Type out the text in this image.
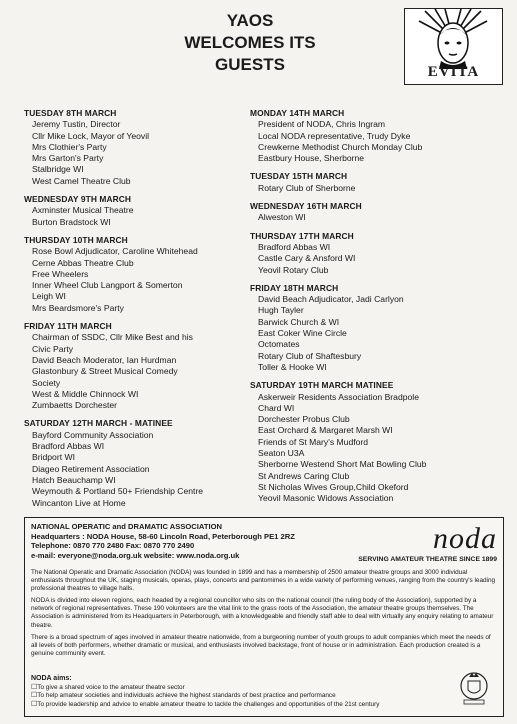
YAOS
WELCOMES ITS
GUESTS	EVITA
TUESDAY 8TH MARCH
Jeremy Tustin, Director
Cllr Mike Lock, Mayor of Yeovil
Mrs Clothier's Party
Mrs Garton's Party
Stalbridge WI
West Camel Theatre Club
WEDNESDAY 9TH MARCH
Axminster Musical Theatre
Burton Bradstock WI
THURSDAY 10TH MARCH
Rose Bowl Adjudicator, Caroline Whitehead
Cerne Abbas Theatre Club
Free Wheelers
Inner Wheel Club Langport & Somerton
Leigh WI
Mrs Beardsmore's Party
FRIDAY 11TH MARCH
Chairman of SSDC, Cllr Mike Best and his
Civic Party
David Beach Moderator, Ian Hurdman
Glastonbury & Street Musical Comedy
Society
West & Middle Chinnock WI
Zumbaetts Dorchester
SATURDAY 12TH MARCH - MATINEE
Bayford Community Association
Bradford Abbas WI
Bridport WI
Diageo Retirement Association
Hatch Beauchamp WI
Weymouth & Portland 50+ Friendship Centre
Wincanton Live at Home
MONDAY 14TH MARCH
President of NODA, Chris Ingram
Local NODA representative, Trudy Dyke
Crewkerne Methodist Church Monday Club
Eastbury House, Sherborne
TUESDAY 15TH MARCH
Rotary Club of Sherborne
WEDNESDAY 16TH MARCH
Alweston WI
THURSDAY 17TH MARCH
Bradford Abbas WI
Castle Cary & Ansford WI
Yeovil Rotary Club
FRIDAY 18TH MARCH
David Beach Adjudicator, Jadi Carlyon
Hugh Tayler
Barwick Church & WI
East Coker Wine Circle
Octomates
Rotary Club of Shaftesbury
Toller & Hooke WI
SATURDAY 19TH MARCH MATINEE
Askerweir Residents Association Bradpole
Chard WI
Dorchester Probus Club
East Orchard & Margaret Marsh WI
Friends of St Mary's Mudford
Seaton U3A
Sherborne Westend Short Mat Bowling Club
St Andrews Caring Club
St Nicholas Wives Group,Child Okeford
Yeovil Masonic Widows Association
NATIONAL OPERATIC and DRAMATIC ASSOCIATION
Headquarters : NODA House, 58-60 Lincoln Road, Peterborough PE1 2RZ
Telephone: 0870 770 2480 Fax: 0870 770 2490
e-mail: everyone@noda.org.uk website: www.noda.org.uk
noda
SERVING AMATEUR THEATRE SINCE 1899

The National Operatic and Dramatic Association (NODA) was founded in 1899 and has a membership of 2500 amateur theatre groups and 3000 individual enthusiasts throughout the UK, staging musicals, operas, plays, concerts and pantomimes in a wide variety of performing venues, ranging from the country's leading professional theatres to village halls.

NODA is divided into eleven regions, each headed by a regional councillor who sits on the national council (the ruling body of the Association), supported by a network of regional representatives. These 190 volunteers are the vital link to the grass roots of the Association, the amateur theatre groups themselves. The Association is administered from its Headquarters in Peterborough, with a knowledgeable and friendly staff able to deal with virtually any enquiry relating to amateur theatre.

There is a broad spectrum of ages involved in amateur theatre nationwide, from a burgeoning number of youth groups to adult companies which meet the needs of all levels of both performers, whether dramatic or musical, and enthusiasts involved backstage, front of house or in administration. Each production created is a genuine community event.

NODA aims:
☐ To give a shared voice to the amateur theatre sector
☐ To help amateur societies and individuals achieve the highest standards of best practice and performance
☐ To provide leadership and advice to enable amateur theatre to tackle the challenges and opportunities of the 21st century
